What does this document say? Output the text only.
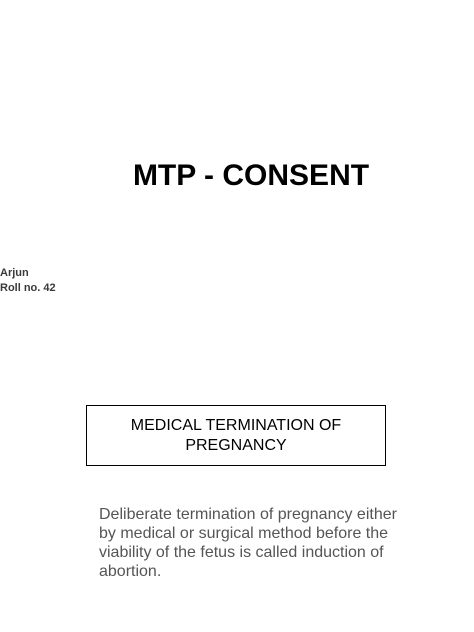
MTP - CONSENT
Arjun
Roll no. 42
MEDICAL TERMINATION OF PREGNANCY
Deliberate termination of pregnancy either by medical or surgical method before the viability of the fetus is called induction of abortion.
